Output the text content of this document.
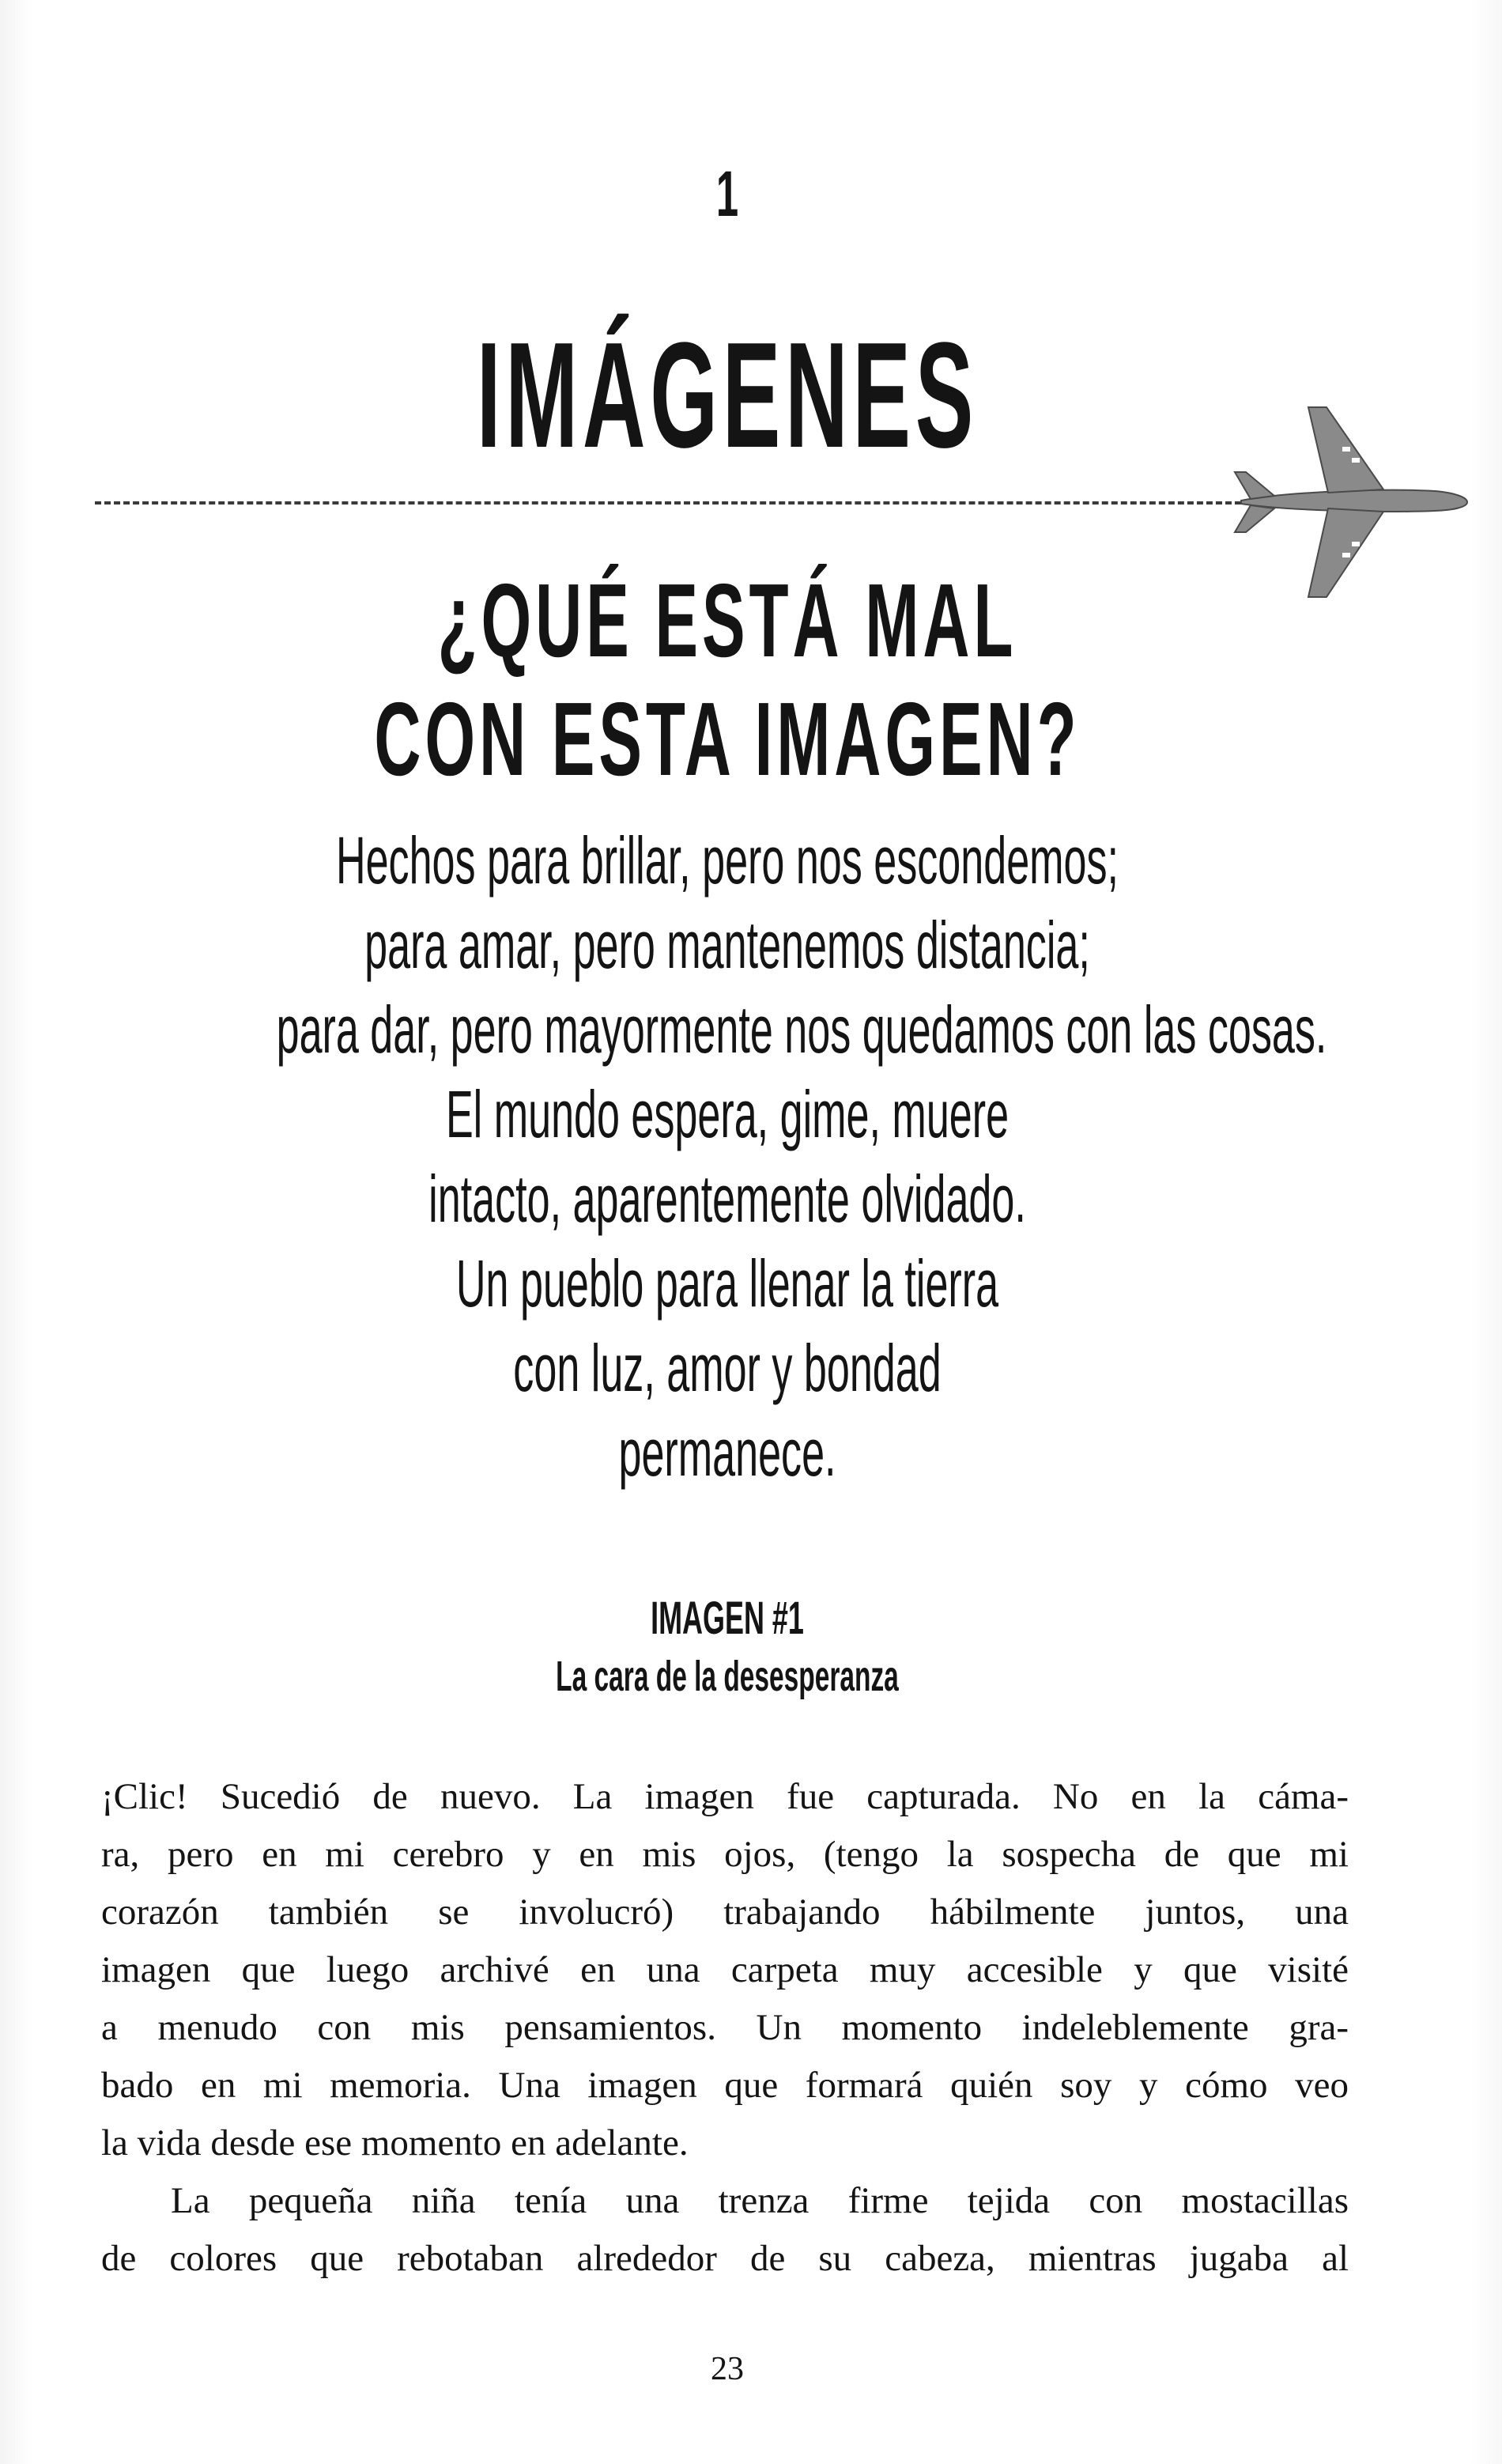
1
IMÁGENES
¿QUÉ ESTÁ MAL
CON ESTA IMAGEN?
Hechos para brillar, pero nos escondemos;
para amar, pero mantenemos distancia;
para dar, pero mayormente nos quedamos con las cosas.
El mundo espera, gime, muere
intacto, aparentemente olvidado.
Un pueblo para llenar la tierra
con luz, amor y bondad
permanece.
IMAGEN #1
La cara de la desesperanza
¡Clic! Sucedió de nuevo. La imagen fue capturada. No en la cáma-
ra, pero en mi cerebro y en mis ojos, (tengo la sospecha de que mi
corazón también se involucró) trabajando hábilmente juntos, una
imagen que luego archivé en una carpeta muy accesible y que visité
a menudo con mis pensamientos. Un momento indeleblemente gra-
bado en mi memoria. Una imagen que formará quién soy y cómo veo
la vida desde ese momento en adelante.
La pequeña niña tenía una trenza firme tejida con mostacillas
de colores que rebotaban alrededor de su cabeza, mientras jugaba al
23
